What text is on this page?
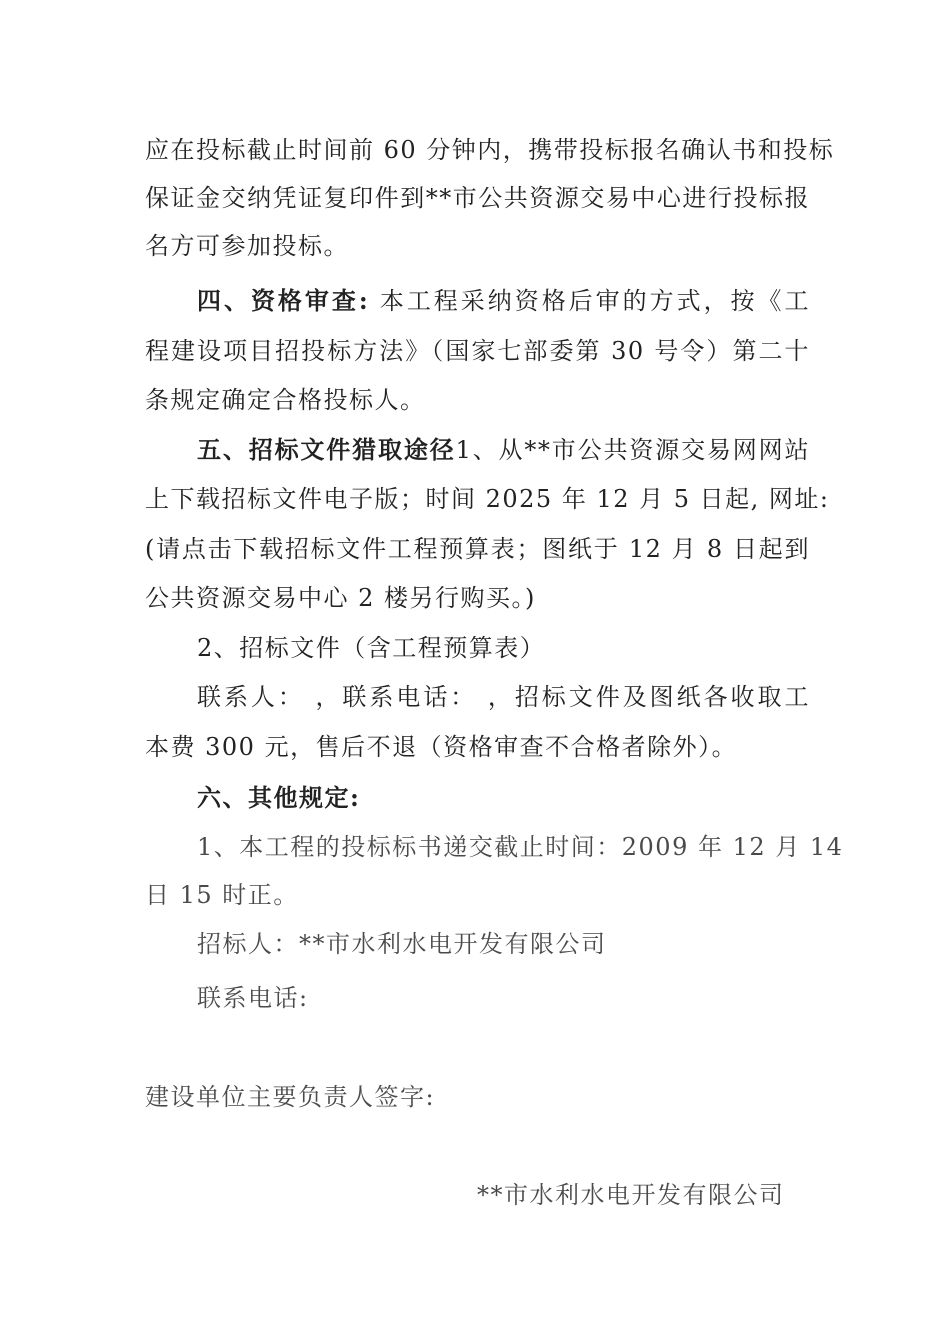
应在投标截止时间前 60 分钟内，携带投标报名确认书和投标
保证金交纳凭证复印件到**市公共资源交易中心进行投标报
名方可参加投标。
四、资格审查: 本工程采纳资格后审的方式，按《工
程建设项目招投标方法》（国家七部委第 30 号令）第二十
条规定确定合格投标人。
五、招标文件猎取途径1、从**市公共资源交易网网站
上下载招标文件电子版；时间 2025 年 12 月 5 日起, 网址:
(请点击下载招标文件工程预算表；图纸于 12 月 8 日起到
公共资源交易中心 2 楼另行购买。)
2、招标文件（含工程预算表）
联系人： ，联系电话： ，招标文件及图纸各收取工
本费 300 元，售后不退（资格审查不合格者除外）。
六、其他规定:
1、本工程的投标标书递交截止时间：2009 年 12 月 14
日 15 时正。
招标人：**市水利水电开发有限公司
联系电话:
建设单位主要负责人签字:
**市水利水电开发有限公司
